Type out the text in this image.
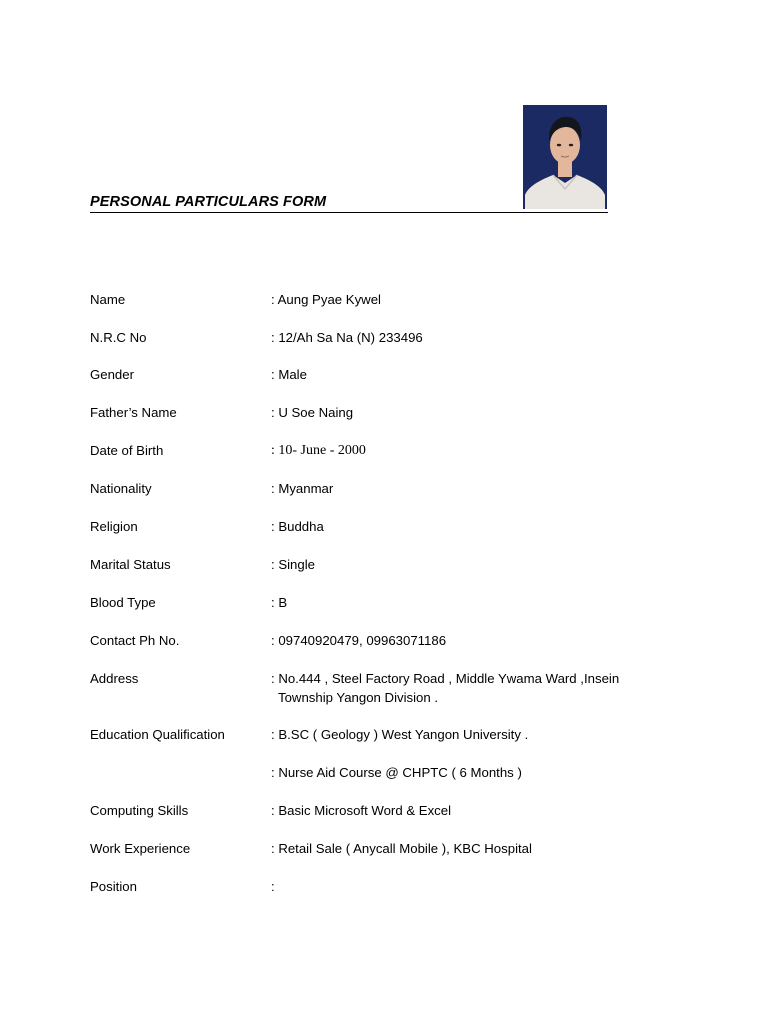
PERSONAL PARTICULARS FORM
Name	: Aung Pyae Kywel
N.R.C No	: 12/Ah Sa Na (N) 233496
Gender	: Male
Father’s Name	: U Soe Naing
Date of Birth	: 10- June - 2000
Nationality	: Myanmar
Religion	: Buddha
Marital Status	: Single
Blood Type	: B
Contact Ph No.	: 09740920479, 09963071186
Address	: No.444 , Steel Factory Road , Middle Ywama Ward ,Insein
Township Yangon Division .
Education Qualification	: B.SC ( Geology ) West Yangon University .
: Nurse Aid Course @ CHPTC ( 6 Months )
Computing Skills	: Basic Microsoft Word & Excel
Work Experience	: Retail Sale ( Anycall Mobile ), KBC Hospital
Position	:
